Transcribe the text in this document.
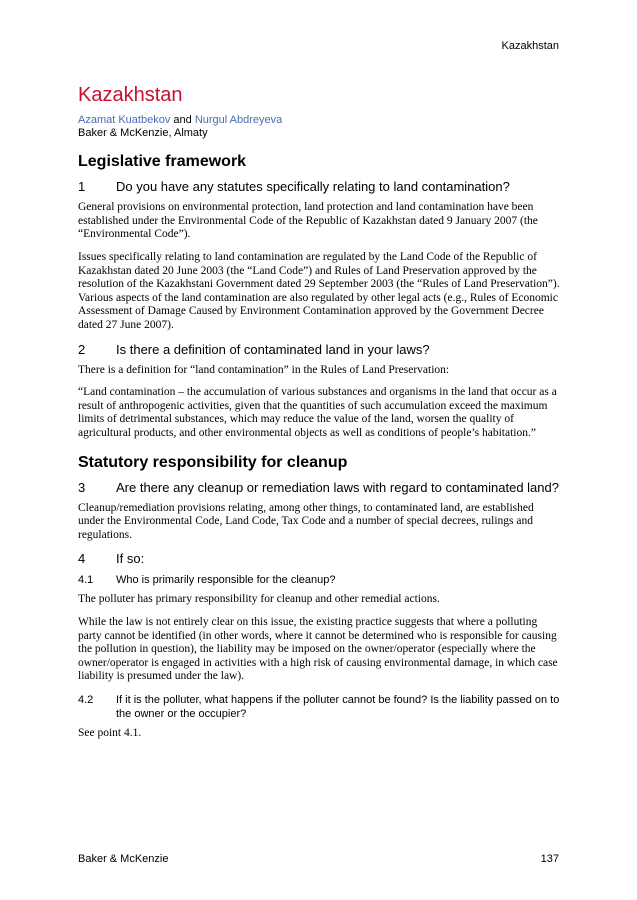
Kazakhstan
Kazakhstan
Azamat Kuatbekov and Nurgul Abdreyeva
Baker & McKenzie, Almaty
Legislative framework
1	Do you have any statutes specifically relating to land contamination?

General provisions on environmental protection, land protection and land contamination have been established under the Environmental Code of the Republic of Kazakhstan dated 9 January 2007 (the “Environmental Code”).

Issues specifically relating to land contamination are regulated by the Land Code of the Republic of Kazakhstan dated 20 June 2003 (the “Land Code”) and Rules of Land Preservation approved by the resolution of the Kazakhstani Government dated 29 September 2003 (the “Rules of Land Preservation”). Various aspects of the land contamination are also regulated by other legal acts (e.g., Rules of Economic Assessment of Damage Caused by Environment Contamination approved by the Government Decree dated 27 June 2007).

2	Is there a definition of contaminated land in your laws?

There is a definition for “land contamination” in the Rules of Land Preservation:

“Land contamination – the accumulation of various substances and organisms in the land that occur as a result of anthropogenic activities, given that the quantities of such accumulation exceed the maximum limits of detrimental substances, which may reduce the value of the land, worsen the quality of agricultural products, and other environmental objects as well as conditions of people’s habitation.”

Statutory responsibility for cleanup
3	Are there any cleanup or remediation laws with regard to contaminated land?

Cleanup/remediation provisions relating, among other things, to contaminated land, are established under the Environmental Code, Land Code, Tax Code and a number of special decrees, rulings and regulations.

4	If so:
4.1	Who is primarily responsible for the cleanup?

The polluter has primary responsibility for cleanup and other remedial actions.

While the law is not entirely clear on this issue, the existing practice suggests that where a polluting party cannot be identified (in other words, where it cannot be determined who is responsible for causing the pollution in question), the liability may be imposed on the owner/operator (especially where the owner/operator is engaged in activities with a high risk of causing environmental damage, in which case liability is presumed under the law).

4.2	If it is the polluter, what happens if the polluter cannot be found? Is the liability passed on to the owner or the occupier?

See point 4.1.

Baker & McKenzie	137
